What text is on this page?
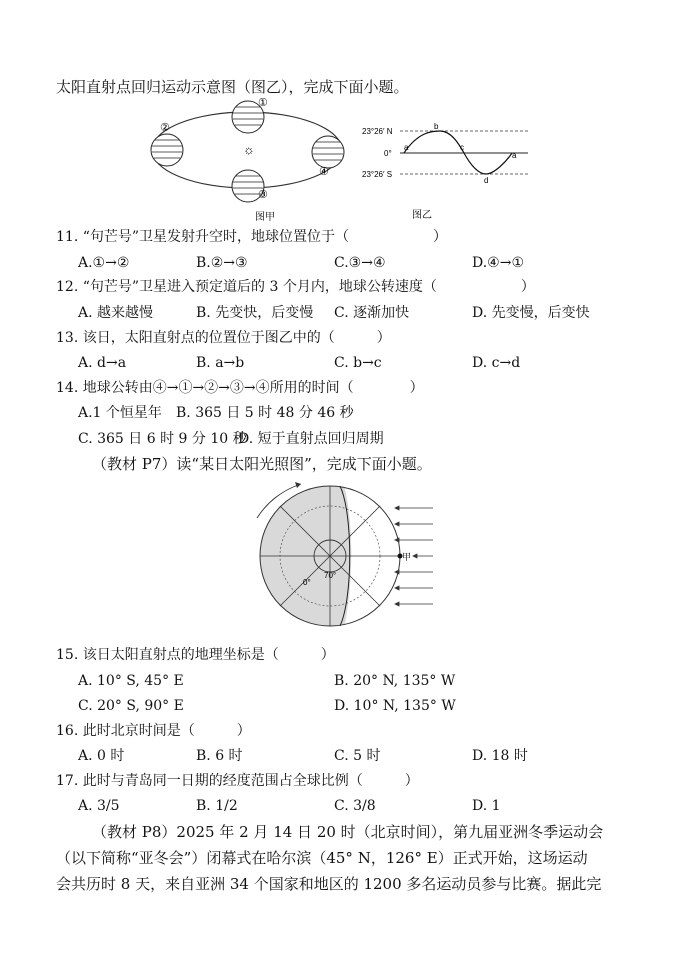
太阳直射点回归运动示意图（图乙），完成下面小题。
☼
①
②
③
④
图甲
23°26′ N
0°
23°26′ S
a
b
c
d
a
图乙
11. “句芒号”卫星发射升空时，地球位置位于（　　　　　　）
A.①→②	B.②→③	C.③→④	D.④→①
12. “句芒号”卫星进入预定道后的 3 个月内，地球公转速度（　　　　　　）
A. 越来越慢	B. 先变快，后变慢 C. 逐渐加快	D. 先变慢，后变快
13. 该日，太阳直射点的位置位于图乙中的（　　　）
A. d→a	B. a→b	C. b→c	D. c→d
14. 地球公转由④→①→②→③→④所用的时间（　　　　）
A.1 个恒星年 B. 365 日 5 时 48 分 46 秒
C. 365 日 6 时 9 分 10 秒
D. 短于直射点回归周期
（教材 P7）读“某日太阳光照图”，完成下面小题。
甲
70°
0°
15. 该日太阳直射点的地理坐标是（　　　）
A. 10° S, 45° E	B. 20° N, 135° W
C. 20° S, 90° E	D. 10° N, 135° W
16. 此时北京时间是（　　　）
A. 0 时	B. 6 时	C. 5 时	D. 18 时
17. 此时与青岛同一日期的经度范围占全球比例（　　　）
A. 3/5	B. 1/2	C. 3/8	D. 1
（教材 P8）2025 年 2 月 14 日 20 时（北京时间），第九届亚洲冬季运动会
（以下简称“亚冬会”）闭幕式在哈尔滨（45° N，126° E）正式开始，这场运动
会共历时 8 天，来自亚洲 34 个国家和地区的 1200 多名运动员参与比赛。据此完
